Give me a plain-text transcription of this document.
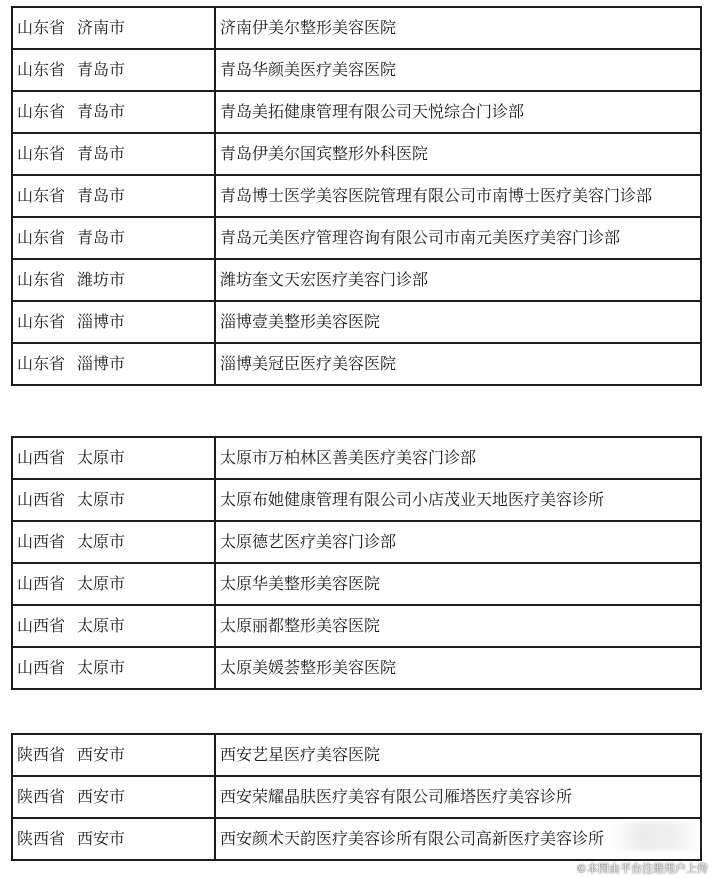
山东省 济南市	济南伊美尔整形美容医院
山东省 青岛市	青岛华颜美医疗美容医院
山东省 青岛市	青岛美拓健康管理有限公司天悦综合门诊部
山东省 青岛市	青岛伊美尔国宾整形外科医院
山东省 青岛市	青岛博士医学美容医院管理有限公司市南博士医疗美容门诊部
山东省 青岛市	青岛元美医疗管理咨询有限公司市南元美医疗美容门诊部
山东省 潍坊市	潍坊奎文天宏医疗美容门诊部
山东省 淄博市	淄博壹美整形美容医院
山东省 淄博市	淄博美冠臣医疗美容医院
山西省 太原市	太原市万柏林区善美医疗美容门诊部
山西省 太原市	太原布她健康管理有限公司小店茂业天地医疗美容诊所
山西省 太原市	太原德艺医疗美容门诊部
山西省 太原市	太原华美整形美容医院
山西省 太原市	太原丽都整形美容医院
山西省 太原市	太原美媛荟整形美容医院
陕西省 西安市	西安艺星医疗美容医院
陕西省 西安市	西安荣耀晶肤医疗美容有限公司雁塔医疗美容诊所
陕西省 西安市	西安颜术天韵医疗美容诊所有限公司高新医疗美容诊所
©本图由平台注册用户上传
